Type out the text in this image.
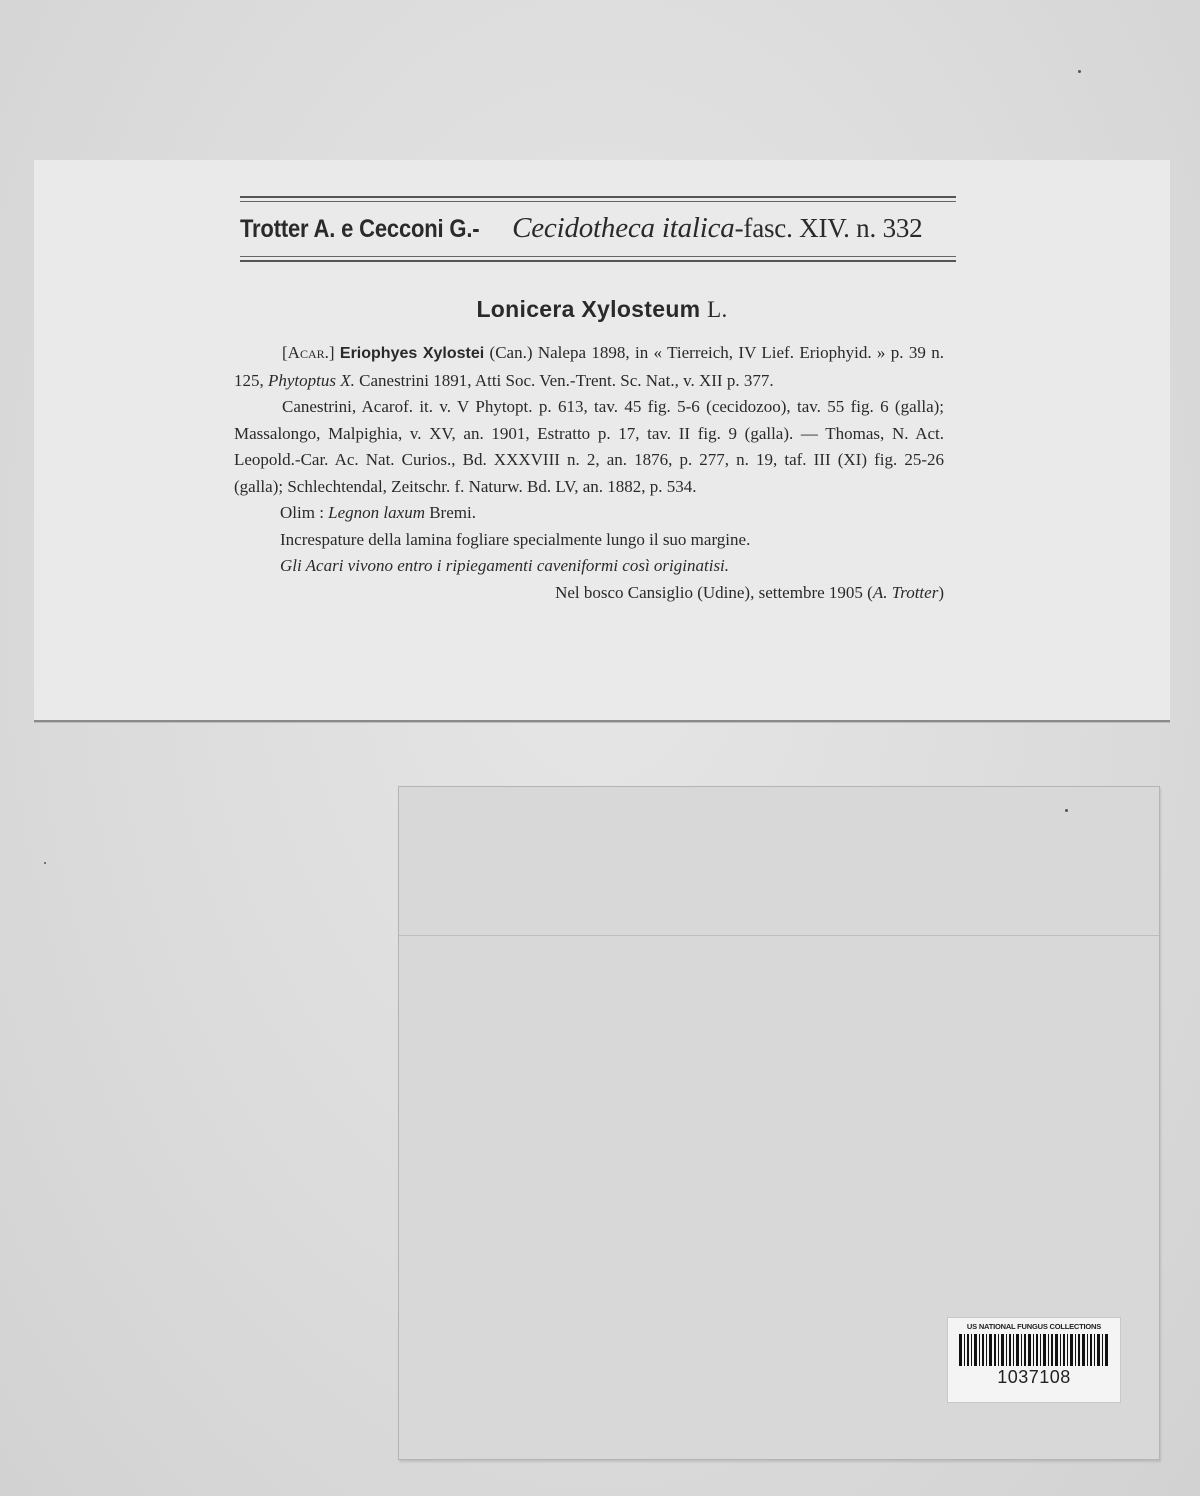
Trotter A. e Cecconi G.- Cecidotheca italica-fasc. XIV. n. 332
Lonicera Xylosteum L.

[Acar.] Eriophyes Xylostei (Can.) Nalepa 1898, in « Tierreich, IV Lief. Eriophyid. » p. 39 n. 125, Phytoptus X. Canestrini 1891, Atti Soc. Ven.-Trent. Sc. Nat., v. XII p. 377.

Canestrini, Acarof. it. v. V Phytopt. p. 613, tav. 45 fig. 5-6 (cecidozoo), tav. 55 fig. 6 (galla); Massalongo, Malpighia, v. XV, an. 1901, Estratto p. 17, tav. II fig. 9 (galla). — Thomas, N. Act. Leopold.-Car. Ac. Nat. Curios., Bd. XXXVIII n. 2, an. 1876, p. 277, n. 19, taf. III (XI) fig. 25-26 (galla); Schlechtendal, Zeitschr. f. Naturw. Bd. LV, an. 1882, p. 534.

Olim : Legnon laxum Bremi.

Increspature della lamina fogliare specialmente lungo il suo margine.

Gli Acari vivono entro i ripiegamenti caveniformi così originatisi.

Nel bosco Cansiglio (Udine), settembre 1905 (A. Trotter)

US NATIONAL FUNGUS COLLECTIONS
1037108
